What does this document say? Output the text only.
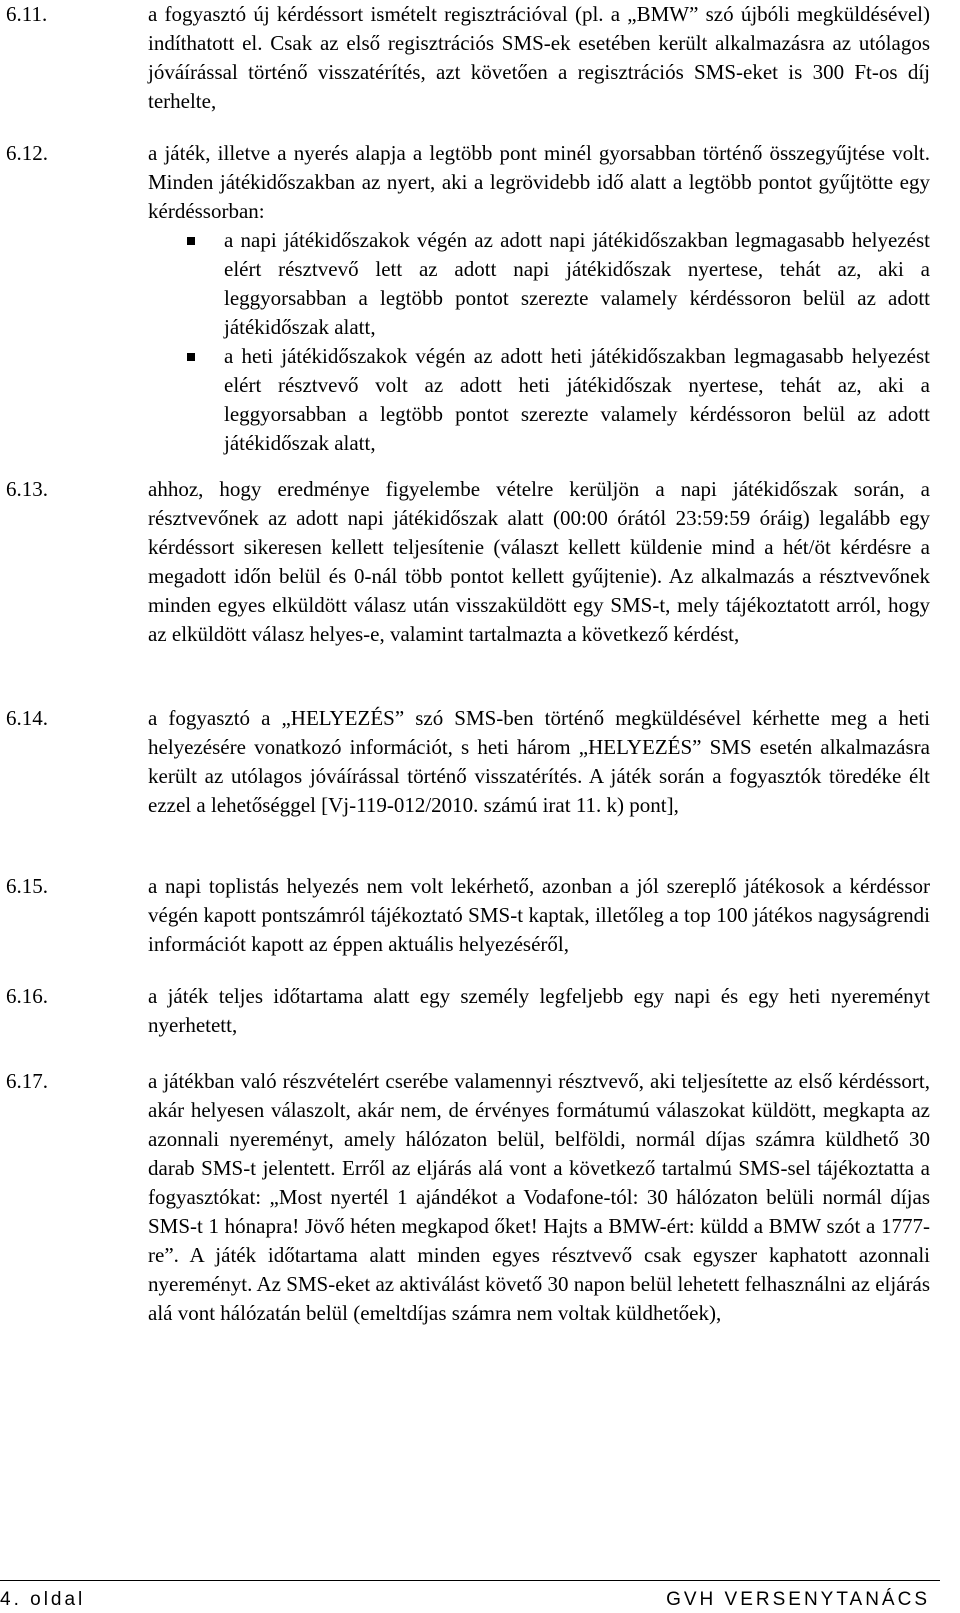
6.11.	a fogyasztó új kérdéssort ismételt regisztrációval (pl. a „BMW” szó újbóli megküldésével) indíthatott el. Csak az első regisztrációs SMS-ek esetében került alkalmazásra az utólagos jóváírással történő visszatérítés, azt követően a regisztrációs SMS-eket is 300 Ft-os díj terhelte,
6.12.	a játék, illetve a nyerés alapja a legtöbb pont minél gyorsabban történő összegyűjtése volt. Minden játékidőszakban az nyert, aki a legrövidebb idő alatt a legtöbb pontot gyűjtötte egy kérdéssorban:
a napi játékidőszakok végén az adott napi játékidőszakban legmagasabb helyezést elért résztvevő lett az adott napi játékidőszak nyertese, tehát az, aki a leggyorsabban a legtöbb pontot szerezte valamely kérdéssoron belül az adott játékidőszak alatt,
a heti játékidőszakok végén az adott heti játékidőszakban legmagasabb helyezést elért résztvevő volt az adott heti játékidőszak nyertese, tehát az, aki a leggyorsabban a legtöbb pontot szerezte valamely kérdéssoron belül az adott játékidőszak alatt,
6.13.	ahhoz, hogy eredménye figyelembe vételre kerüljön a napi játékidőszak során, a résztvevőnek az adott napi játékidőszak alatt (00:00 órától 23:59:59 óráig) legalább egy kérdéssort sikeresen kellett teljesítenie (választ kellett küldenie mind a hét/öt kérdésre a megadott időn belül és 0-nál több pontot kellett gyűjtenie). Az alkalmazás a résztvevőnek minden egyes elküldött válasz után visszaküldött egy SMS-t, mely tájékoztatott arról, hogy az elküldött válasz helyes-e, valamint tartalmazta a következő kérdést,
6.14.	a fogyasztó a „HELYEZÉS” szó SMS-ben történő megküldésével kérhette meg a heti helyezésére vonatkozó információt, s heti három „HELYEZÉS” SMS esetén alkalmazásra került az utólagos jóváírással történő visszatérítés. A játék során a fogyasztók töredéke élt ezzel a lehetőséggel [Vj-119-012/2010. számú irat 11. k) pont],
6.15.	a napi toplistás helyezés nem volt lekérhető, azonban a jól szereplő játékosok a kérdéssor végén kapott pontszámról tájékoztató SMS-t kaptak, illetőleg a top 100 játékos nagyságrendi információt kapott az éppen aktuális helyezéséről,
6.16.	a játék teljes időtartama alatt egy személy legfeljebb egy napi és egy heti nyereményt nyerhetett,
6.17.	a játékban való részvételért cserébe valamennyi résztvevő, aki teljesítette az első kérdéssort, akár helyesen válaszolt, akár nem, de érvényes formátumú válaszokat küldött, megkapta az azonnali nyereményt, amely hálózaton belül, belföldi, normál díjas számra küldhető 30 darab SMS-t jelentett. Erről az eljárás alá vont a következő tartalmú SMS-sel tájékoztatta a fogyasztókat: „Most nyertél 1 ajándékot a Vodafone-tól: 30 hálózaton belüli normál díjas SMS-t 1 hónapra! Jövő héten megkapod őket! Hajts a BMW-ért: küldd a BMW szót a 1777-re”. A játék időtartama alatt minden egyes résztvevő csak egyszer kaphatott azonnali nyereményt. Az SMS-eket az aktiválást követő 30 napon belül lehetett felhasználni az eljárás alá vont hálózatán belül (emeltdíjas számra nem voltak küldhetőek),
4. oldal	GVH VERSENYTANÁCS
